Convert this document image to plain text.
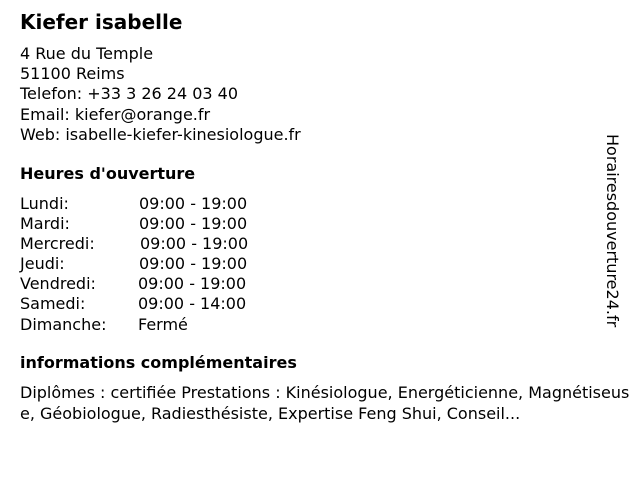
Kiefer isabelle
4 Rue du Temple
51100 Reims
Telefon: +33 3 26 24 03 40
Email: kiefer@orange.fr
Web: isabelle-kiefer-kinesiologue.fr
Heures d'ouverture
Lundi:	09:00 - 19:00
Mardi:	09:00 - 19:00
Mercredi:	09:00 - 19:00
Jeudi:	09:00 - 19:00
Vendredi:	09:00 - 19:00
Samedi:	09:00 - 14:00
Dimanche: Fermé
informations complémentaires
Diplômes : certifiée Prestations : Kinésiologue, Energéticienne, Magnétiseuse, Géobiologue, Radiesthésiste, Expertise Feng Shui, Conseil...
Horairesdouverture24.fr
